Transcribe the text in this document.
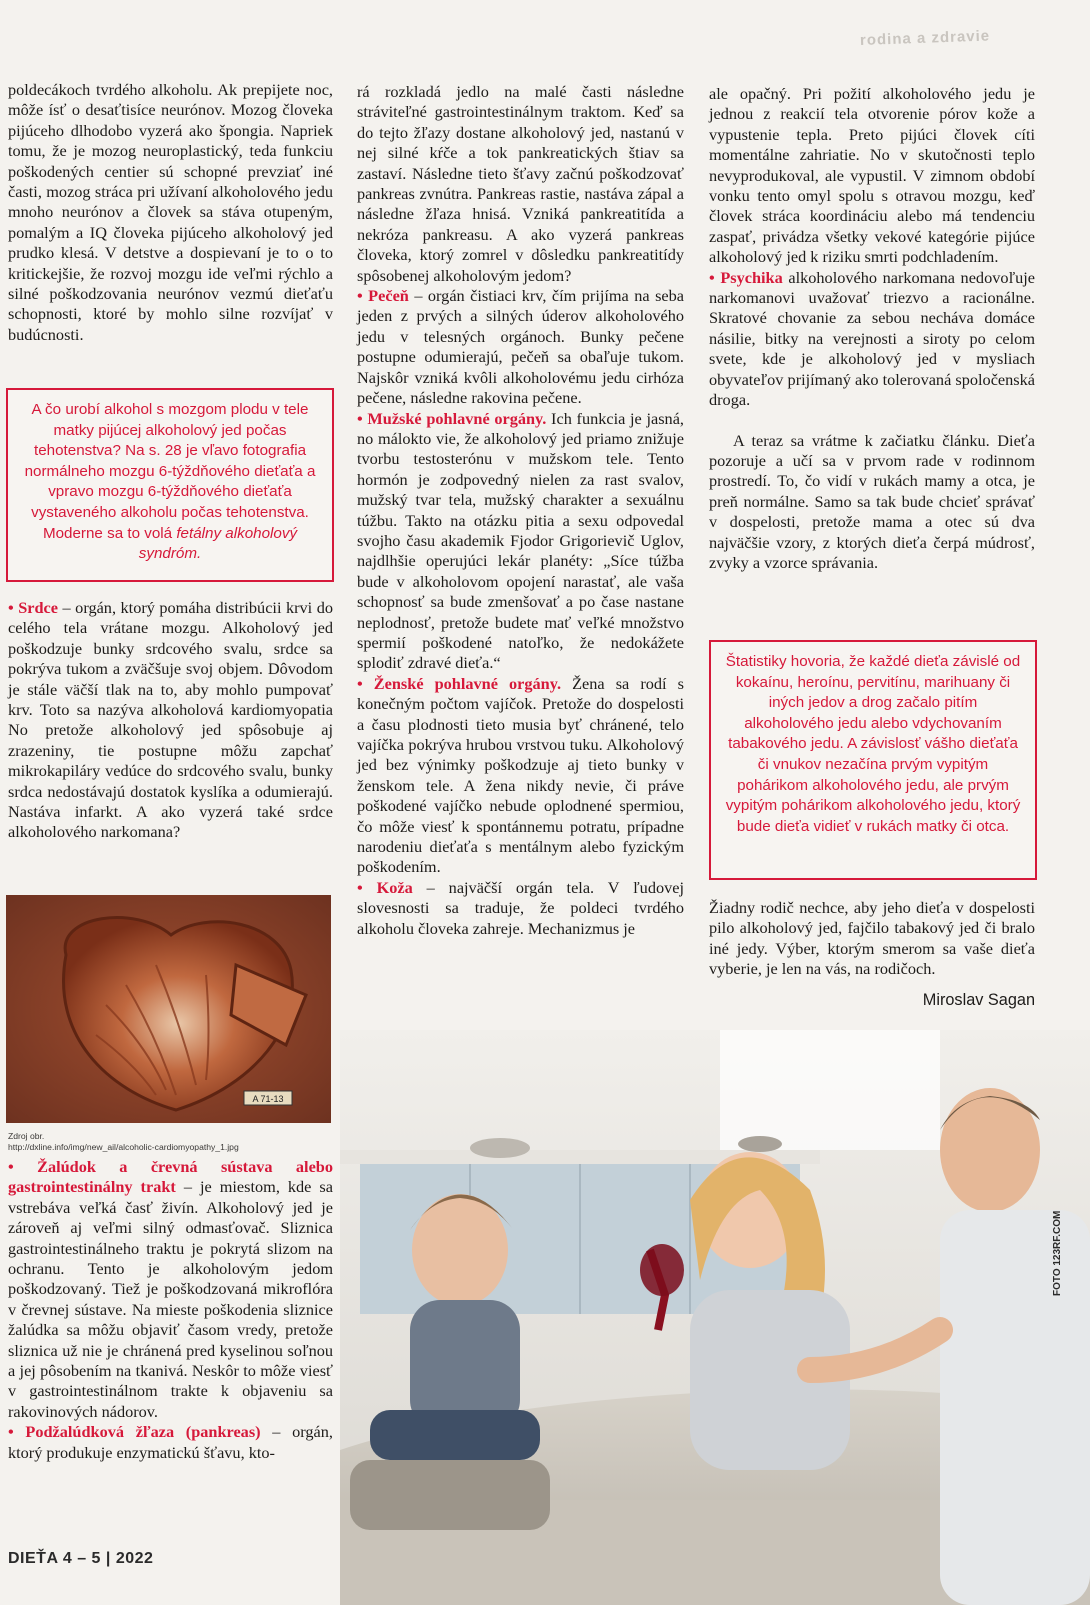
rodina a zdravie

poldecákoch tvrdého alkoholu. Ak prepijete noc, môže ísť o desaťtisíce neurónov. Mozog človeka pijúceho dlhodobo vyzerá ako špongia. Napriek tomu, že je mozog neuroplastický, teda funkciu poškodených centier sú schopné prevziať iné časti, mozog stráca pri užívaní alkoholového jedu mnoho neurónov a človek sa stáva otupeným, pomalým a IQ človeka pijúceho alkoholový jed prudko klesá. V detstve a dospievaní je to o to kritickejšie, že rozvoj mozgu ide veľmi rýchlo a silné poškodzovania neurónov vezmú dieťaťu schopnosti, ktoré by mohlo silne rozvíjať v budúcnosti.

A čo urobí alkohol s mozgom plodu v tele matky pijúcej alkoholový jed počas tehotenstva? Na s. 28 je vľavo fotografia normálneho mozgu 6-týždňového dieťaťa a vpravo mozgu 6-týždňového dieťaťa vystaveného alkoholu počas tehotenstva. Moderne sa to volá fetálny alkoholový syndróm.

• Srdce – orgán, ktorý pomáha distribúcii krvi do celého tela vrátane mozgu. Alkoholový jed poškodzuje bunky srdcového svalu, srdce sa pokrýva tukom a zväčšuje svoj objem. Dôvodom je stále väčší tlak na to, aby mohlo pumpovať krv. Toto sa nazýva alkoholová kardiomyopatia No pretože alkoholový jed spôsobuje aj zrazeniny, tie postupne môžu zapchať mikrokapiláry vedúce do srdcového svalu, bunky srdca nedostávajú dostatok kyslíka a odumierajú. Nastáva infarkt. A ako vyzerá také srdce alkoholového narkomana?

A 71-13
Zdroj obr.
http://dxline.info/img/new_ail/alcoholic-cardiomyopathy_1.jpg

• Žalúdok a črevná sústava alebo gastrointestinálny trakt – je miestom, kde sa vstrebáva veľká časť živín. Alkoholový jed je zároveň aj veľmi silný odmasťovač. Sliznica gastrointestinálneho traktu je pokrytá slizom na ochranu. Tento je alkoholovým jedom poškodzovaný. Tiež je poškodzovaná mikroflóra v črevnej sústave. Na mieste poškodenia sliznice žalúdka sa môžu objaviť časom vredy, pretože sliznica už nie je chránená pred kyselinou soľnou a jej pôsobením na tkanivá. Neskôr to môže viesť v gastrointestinálnom trakte k objaveniu sa rakovinových nádorov.

• Podžalúdková žľaza (pankreas) – orgán, ktorý produkuje enzymatickú šťavu, kto-

rá rozkladá jedlo na malé časti následne stráviteľné gastrointestinálnym traktom. Keď sa do tejto žľazy dostane alkoholový jed, nastanú v nej silné kŕče a tok pankreatických štiav sa zastaví. Následne tieto šťavy začnú poškodzovať pankreas zvnútra. Pankreas rastie, nastáva zápal a následne žľaza hnisá. Vzniká pankreatitída a nekróza pankreasu. A ako vyzerá pankreas človeka, ktorý zomrel v dôsledku pankreatitídy spôsobenej alkoholovým jedom?

• Pečeň – orgán čistiaci krv, čím prijíma na seba jeden z prvých a silných úderov alkoholového jedu v telesných orgánoch. Bunky pečene postupne odumierajú, pečeň sa obaľuje tukom. Najskôr vzniká kvôli alkoholovému jedu cirhóza pečene, následne rakovina pečene.

• Mužské pohlavné orgány. Ich funkcia je jasná, no málokto vie, že alkoholový jed priamo znižuje tvorbu testosterónu v mužskom tele. Tento hormón je zodpovedný nielen za rast svalov, mužský tvar tela, mužský charakter a sexuálnu túžbu. Takto na otázku pitia a sexu odpovedal svojho času akademik Fjodor Grigorievič Uglov, najdlhšie operujúci lekár planéty: „Síce túžba bude v alkoholovom opojení narastať, ale vaša schopnosť sa bude zmenšovať a po čase nastane neplodnosť, pretože budete mať veľké množstvo spermií poškodené natoľko, že nedokážete splodiť zdravé dieťa.“

• Ženské pohlavné orgány. Žena sa rodí s konečným počtom vajíčok. Pretože do dospelosti a času plodnosti tieto musia byť chránené, telo vajíčka pokrýva hrubou vrstvou tuku. Alkoholový jed bez výnimky poškodzuje aj tieto bunky v ženskom tele. A žena nikdy nevie, či práve poškodené vajíčko nebude oplodnené spermiou, čo môže viesť k spontánnemu potratu, prípadne narodeniu dieťaťa s mentálnym alebo fyzickým poškodením.

• Koža – najväčší orgán tela. V ľudovej slovesnosti sa traduje, že poldeci tvrdého alkoholu človeka zahreje. Mechanizmus je

ale opačný. Pri požití alkoholového jedu je jednou z reakcií tela otvorenie pórov kože a vypustenie tepla. Preto pijúci človek cíti momentálne zahriatie. No v skutočnosti teplo nevyprodukoval, ale vypustil. V zimnom období vonku tento omyl spolu s otravou mozgu, keď človek stráca koordináciu alebo má tendenciu zaspať, privádza všetky vekové kategórie pijúce alkoholový jed k riziku smrti podchladením.

• Psychika alkoholového narkomana nedovoľuje narkomanovi uvažovať triezvo a racionálne. Skratové chovanie za sebou necháva domáce násilie, bitky na verejnosti a siroty po celom svete, kde je alkoholový jed v mysliach obyvateľov prijímaný ako tolerovaná spoločenská droga.

A teraz sa vrátme k začiatku článku. Dieťa pozoruje a učí sa v prvom rade v rodinnom prostredí. To, čo vidí v rukách mamy a otca, je preň normálne. Samo sa tak bude chcieť správať v dospelosti, pretože mama a otec sú dva najväčšie vzory, z ktorých dieťa čerpá múdrosť, zvyky a vzorce správania.

Štatistiky hovoria, že každé dieťa závislé od kokaínu, heroínu, pervitínu, marihuany či iných jedov a drog začalo pitím alkoholového jedu alebo vdychovaním tabakového jedu. A závislosť vášho dieťaťa či vnukov nezačína prvým vypitým pohárikom alkoholového jedu, ale prvým vypitým pohárikom alkoholového jedu, ktorý bude dieťa vidieť v rukách matky či otca.

Žiadny rodič nechce, aby jeho dieťa v dospelosti pilo alkoholový jed, fajčilo tabakový jed či bralo iné jedy. Výber, ktorým smerom sa vaše dieťa vyberie, je len na vás, na rodičoch.

Miroslav Sagan

FOTO 123RF.COM
DIEŤA 4 – 5 | 2022
